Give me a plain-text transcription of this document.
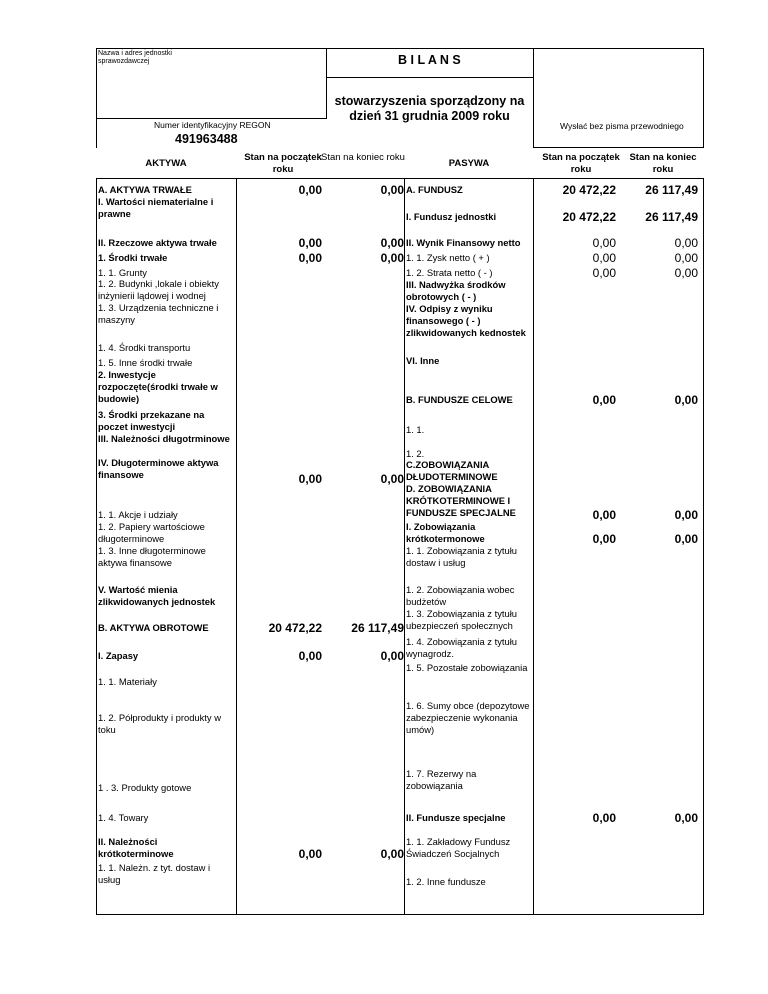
Nazwa i adres jednostki sprawozdawczej	B I L A N S
Numer identyfikacyjny REGON
491963488
stowarzyszenia sporządzony na
dzień 31 grudnia 2009 roku
Wysłać bez pisma przewodniego
AKTYWA
Stan na początek roku
Stan na koniec roku
PASYWA
Stan na początek roku
Stan na koniec roku
A. AKTYWA TRWAŁE	0,00	0,00
I. Wartości niematerialne i prawne
II. Rzeczowe aktywa trwałe	0,00	0,00
1. Środki trwałe	0,00	0,00
1. 1. Grunty
1. 2. Budynki ,lokale i obiekty inżynierii lądowej i wodnej
1. 3. Urządzenia techniczne i maszyny
1. 4. Środki transportu
1. 5. Inne środki trwałe
2. Inwestycje rozpoczęte(środki trwałe w budowie)
3. Środki przekazane na poczet inwestycji
III. Należności długotrminowe
IV. Długoterminowe aktywa finansowe	0,00	0,00
1. 1. Akcje i udziały
1. 2. Papiery wartościowe długoterminowe
1. 3. Inne długoterminowe aktywa finansowe
V. Wartość mienia zlikwidowanych jednostek
B. AKTYWA OBROTOWE	20 472,22	26 117,49
I. Zapasy	0,00	0,00
1. 1. Materiały
1. 2. Półprodukty i produkty w toku
1 . 3. Produkty gotowe
1. 4. Towary
II. Należności krótkoterminowe	0,00	0,00
1. 1. Należn. z tyt. dostaw i usług
A. FUNDUSZ	20 472,22	26 117,49
I. Fundusz jednostki	20 472,22	26 117,49
II. Wynik Finansowy netto	0,00	0,00
1. 1. Zysk netto ( + )	0,00	0,00
1. 2. Strata netto ( - )	0,00	0,00
III. Nadwyżka środków obrotowych ( - )
IV. Odpisy z wyniku finansowego ( - ) zlikwidowanych kednostek
VI. Inne
B. FUNDUSZE CELOWE	0,00	0,00
1. 1.
1. 2.
C.ZOBOWIĄZANIA DŁUDOTERMINOWE
D. ZOBOWIĄZANIA KRÓTKOTERMINOWE I FUNDUSZE SPECJALNE	0,00	0,00
I. Zobowiązania krótkotermonowe	0,00	0,00
1. 1. Zobowiązania z tytułu dostaw i usług
1. 2. Zobowiązania wobec budżetów
1. 3. Zobowiązania z tytułu ubezpieczeń społecznych
1. 4. Zobowiązania z tytułu wynagrodz.
1. 5. Pozostałe zobowiązania
1. 6. Sumy obce (depozytowe zabezpieczenie wykonania umów)
1. 7. Rezerwy na zobowiązania
II. Fundusze specjalne	0,00	0,00
1. 1. Zakładowy Fundusz Świadczeń Socjalnych
1. 2. Inne fundusze
